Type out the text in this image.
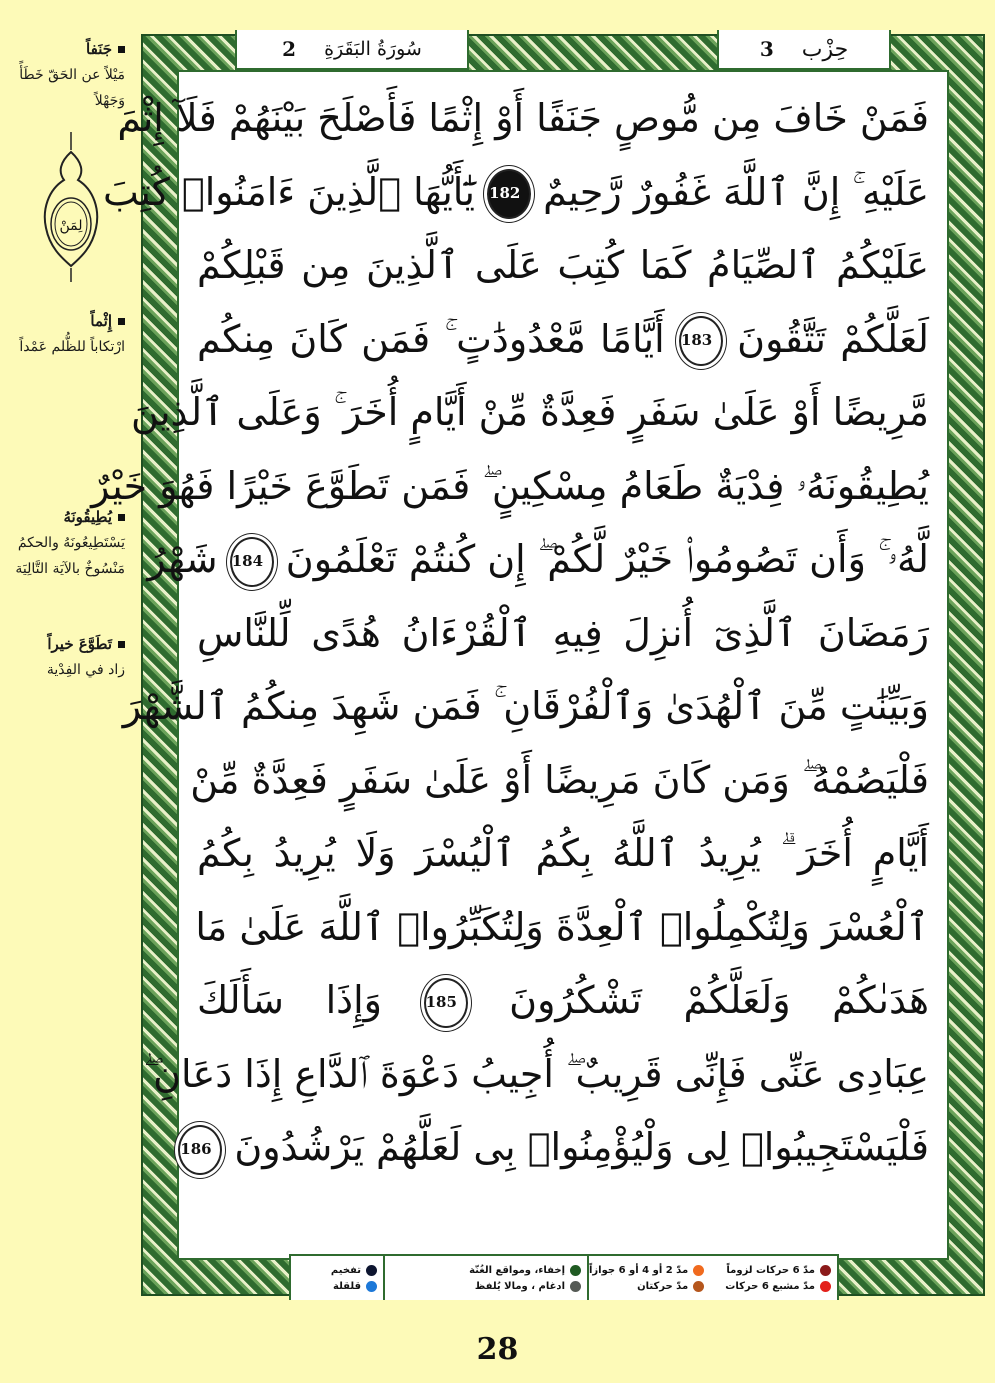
جَنَفاً
مَيْلاً عن الحَقّ خَطَأً وَجَهْلاً
لِمَنْ
إِثْماً
ارْتكاباً للظُّلم عَمْداً
يُطِيقُونَهُ
يَسْتَطِيعُونَهُ والحكمُ مَنْسُوخٌ بالآيَة التَّالِيَة
تَطَوَّعَ خيراً
زاد في الفِدْية
2 سُورَةُ البَقَرَةِ	3 حِزْب
فَمَنْ خَافَ مِن مُّوصٍ جَنَفًا أَوْ إِثْمًا فَأَصْلَحَ بَيْنَهُمْ فَلَآ إِثْمَ
عَلَيْهِ ۚ إِنَّ ٱللَّهَ غَفُورٌ رَّحِيمٌ 182 يَٰٓأَيُّهَا ٱلَّذِينَ ءَامَنُوا۟ كُتِبَ
عَلَيْكُمُ ٱلصِّيَامُ كَمَا كُتِبَ عَلَى ٱلَّذِينَ مِن قَبْلِكُمْ
لَعَلَّكُمْ تَتَّقُونَ 183 أَيَّامًا مَّعْدُودَٰتٍ ۚ فَمَن كَانَ مِنكُم
مَّرِيضًا أَوْ عَلَىٰ سَفَرٍ فَعِدَّةٌ مِّنْ أَيَّامٍ أُخَرَ ۚ وَعَلَى ٱلَّذِينَ
يُطِيقُونَهُۥ فِدْيَةٌ طَعَامُ مِسْكِينٍ ۖ فَمَن تَطَوَّعَ خَيْرًا فَهُوَ خَيْرٌ
لَّهُۥ ۚ وَأَن تَصُومُوا۟ خَيْرٌ لَّكُمْ ۖ إِن كُنتُمْ تَعْلَمُونَ 184 شَهْرُ
رَمَضَانَ ٱلَّذِىٓ أُنزِلَ فِيهِ ٱلْقُرْءَانُ هُدًى لِّلنَّاسِ
وَبَيِّنَٰتٍ مِّنَ ٱلْهُدَىٰ وَٱلْفُرْقَانِ ۚ فَمَن شَهِدَ مِنكُمُ ٱلشَّهْرَ
فَلْيَصُمْهُ ۖ وَمَن كَانَ مَرِيضًا أَوْ عَلَىٰ سَفَرٍ فَعِدَّةٌ مِّنْ
أَيَّامٍ أُخَرَ ۗ يُرِيدُ ٱللَّهُ بِكُمُ ٱلْيُسْرَ وَلَا يُرِيدُ بِكُمُ
ٱلْعُسْرَ وَلِتُكْمِلُوا۟ ٱلْعِدَّةَ وَلِتُكَبِّرُوا۟ ٱللَّهَ عَلَىٰ مَا
هَدَىٰكُمْ وَلَعَلَّكُمْ تَشْكُرُونَ 185 وَإِذَا سَأَلَكَ
عِبَادِى عَنِّى فَإِنِّى قَرِيبٌ ۖ أُجِيبُ دَعْوَةَ ٱلدَّاعِ إِذَا دَعَانِ ۖ
فَلْيَسْتَجِيبُوا۟ لِى وَلْيُؤْمِنُوا۟ بِى لَعَلَّهُمْ يَرْشُدُونَ 186
مدّ 6 حركات لزوماً
مدّ مشبع 6 حركات
مدّ 2 أو 4 أو 6 جوازاً
مدّ حركتان
إخفاء، ومواقع الغُنّة
ادغام ، ومالا يُلفظ
تفخيم
قلقلة
28
